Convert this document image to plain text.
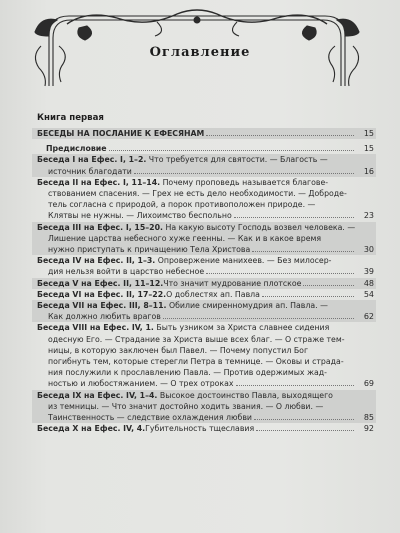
Оглавление
Книга первая
БЕСЕДЫ НА ПОСЛАНИЕ К ЕФЕСЯНАМ	15
Предисловие	15
Беседа I на Ефес. I, 1–2. Что требуется для святости. — Благость —
источник благодати	16
Беседа II на Ефес. I, 11–14. Почему проповедь называется благове-
ствованием спасения. — Грех не есть дело необходимости. — Доброде-
тель согласна с природой, а порок противоположен природе. —
Клятвы не нужны. — Лихоимство беспольно	23
Беседа III на Ефес. I, 15–20. На какую высоту Господь возвел человека. —
Лишение царства небесного хуже геенны. — Как и в какое время
нужно приступать к причащению Тела Христова	30
Беседа IV на Ефес. II, 1–3. Опровержение манихеев. — Без милосер-
дия нельзя войти в царство небесное	39
Беседа V на Ефес. II, 11–12. Что значит мудрование плотское	48
Беседа VI на Ефес. II, 17–22. О доблестях ап. Павла	54
Беседа VII на Ефес. III, 8–11. Обилие смиренномудрия ап. Павла. —
Как должно любить врагов	62
Беседа VIII на Ефес. IV, 1. Быть узником за Христа славнее сидения
одесную Его. — Страдание за Христа выше всех благ. — О страже тем-
ницы, в которую заключен был Павел. — Почему попустил Бог
погибнуть тем, которые стерегли Петра в темнице. — Оковы и страда-
ния послужили к прославлению Павла. — Против одержимых жад-
ностью и любостяжанием. — О трех отроках	69
Беседа IX на Ефес. IV, 1–4. Высокое достоинство Павла, выходящего
из темницы. — Что значит достойно ходить звания. — О любви. —
Таинственность — следствие охлаждения любви	85
Беседа X на Ефес. IV, 4. Губительность тщеславия	92
